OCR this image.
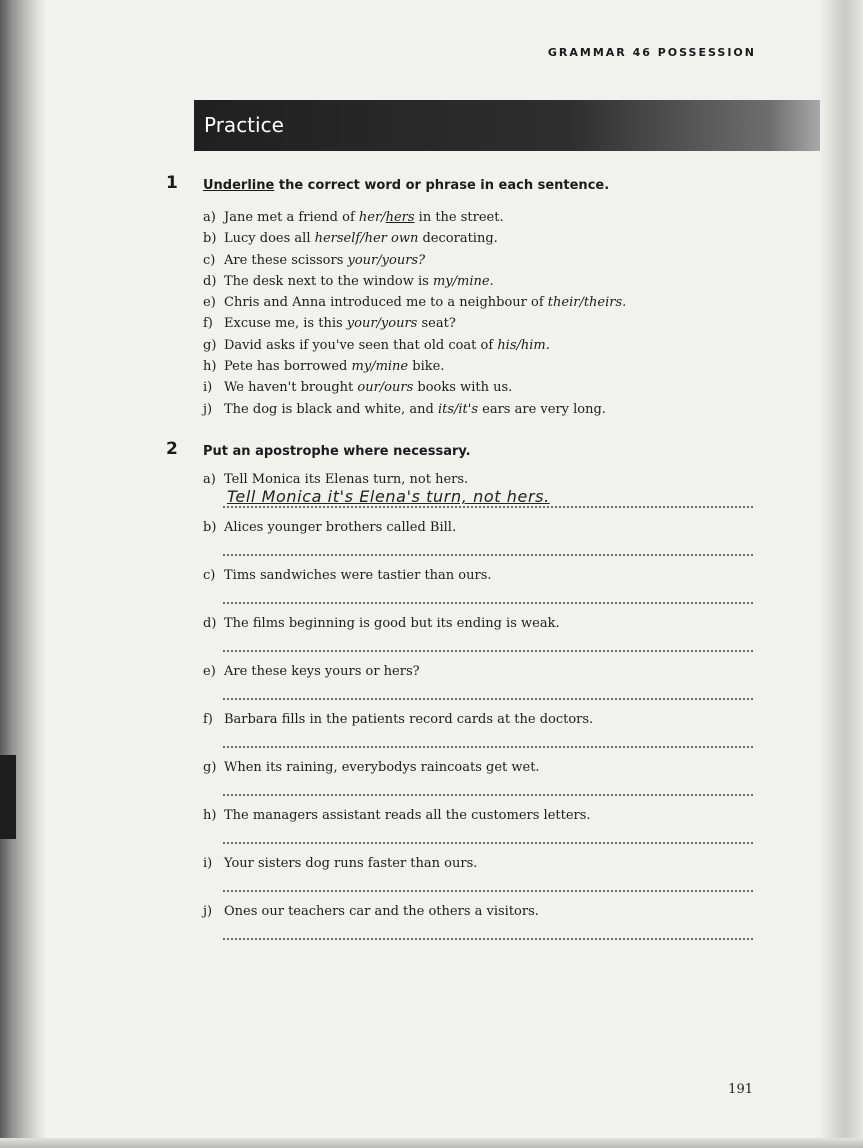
GRAMMAR 46 POSSESSION
Practice
1 Underline the correct word or phrase in each sentence.
a) Jane met a friend of her/hers in the street.
b) Lucy does all herself/her own decorating.
c) Are these scissors your/yours?
d) The desk next to the window is my/mine.
e) Chris and Anna introduced me to a neighbour of their/theirs.
f) Excuse me, is this your/yours seat?
g) David asks if you've seen that old coat of his/him.
h) Pete has borrowed my/mine bike.
i) We haven't brought our/ours books with us.
j) The dog is black and white, and its/it's ears are very long.
2 Put an apostrophe where necessary.
a) Tell Monica its Elenas turn, not hers.
Tell Monica it's Elena's turn, not hers.
b) Alices younger brothers called Bill.
c) Tims sandwiches were tastier than ours.
d) The films beginning is good but its ending is weak.
e) Are these keys yours or hers?
f) Barbara fills in the patients record cards at the doctors.
g) When its raining, everybodys raincoats get wet.
h) The managers assistant reads all the customers letters.
i) Your sisters dog runs faster than ours.
j) Ones our teachers car and the others a visitors.
191
